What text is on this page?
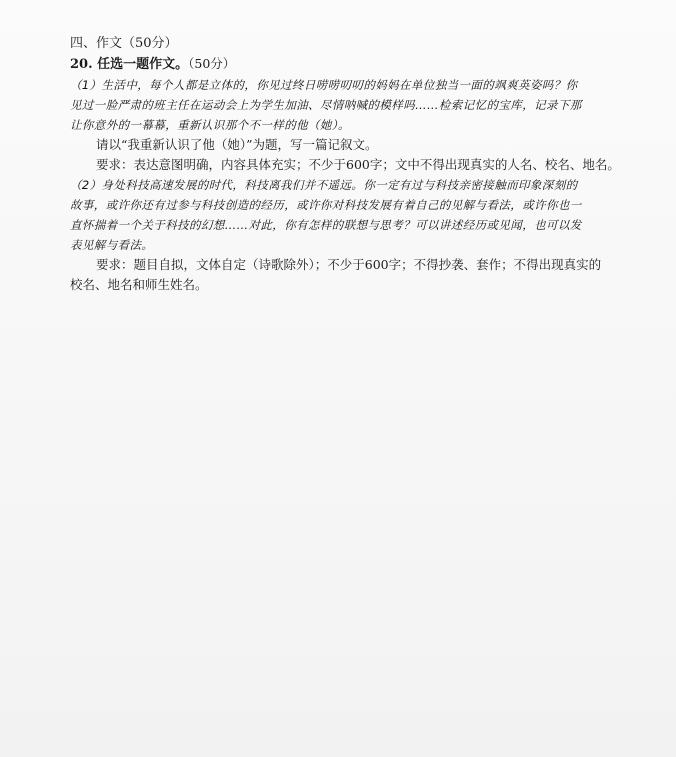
四、作文（50分）
20. 任选一题作文。（50分）
（1）生活中，每个人都是立体的，你见过终日唠唠叨叨的妈妈在单位独当一面的飒爽英姿吗？你
见过一脸严肃的班主任在运动会上为学生加油、尽情呐喊的模样吗……检索记忆的宝库，记录下那
让你意外的一幕幕，重新认识那个不一样的他（她）。
请以“我重新认识了他（她）”为题，写一篇记叙文。
要求：表达意图明确，内容具体充实；不少于600字；文中不得出现真实的人名、校名、地名。
（2）身处科技高速发展的时代，科技离我们并不遥远。你一定有过与科技亲密接触而印象深刻的
故事，或许你还有过参与科技创造的经历，或许你对科技发展有着自己的见解与看法，或许你也一
直怀揣着一个关于科技的幻想……对此，你有怎样的联想与思考？可以讲述经历或见闻，也可以发
表见解与看法。
要求：题目自拟，文体自定（诗歌除外）；不少于600字；不得抄袭、套作；不得出现真实的
校名、地名和师生姓名。
